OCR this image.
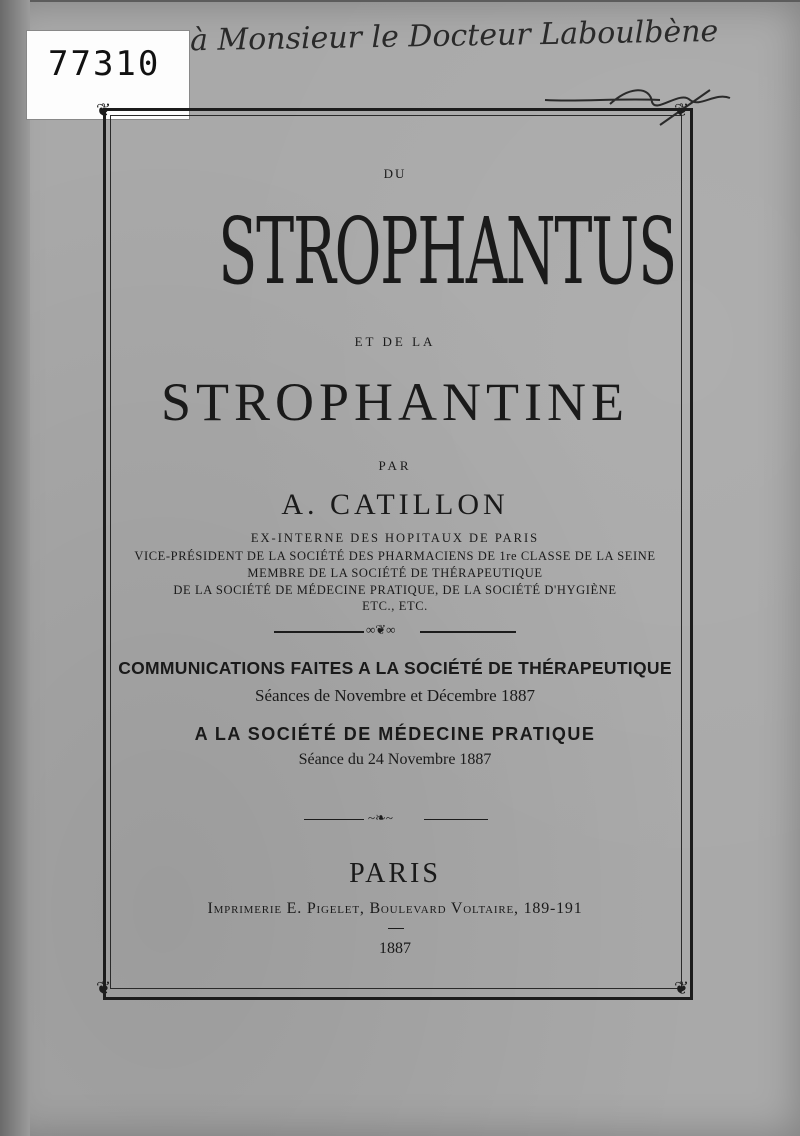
77310
à Monsieur le Docteur Laboulbène
❦	❦
❦	❦
DU
STROPHANTUS
ET DE LA
STROPHANTINE
PAR
A. CATILLON
EX-INTERNE DES HOPITAUX DE PARIS
VICE-PRÉSIDENT DE LA SOCIÉTÉ DES PHARMACIENS DE 1re CLASSE DE LA SEINE
MEMBRE DE LA SOCIÉTÉ DE THÉRAPEUTIQUE
DE LA SOCIÉTÉ DE MÉDECINE PRATIQUE, DE LA SOCIÉTÉ D'HYGIÈNE
ETC., ETC.
∞❦∞
COMMUNICATIONS FAITES A LA SOCIÉTÉ DE THÉRAPEUTIQUE
Séances de Novembre et Décembre 1887
A LA SOCIÉTÉ DE MÉDECINE PRATIQUE
Séance du 24 Novembre 1887
~❧~
PARIS
Imprimerie E. Pigelet, Boulevard Voltaire, 189-191
1887
